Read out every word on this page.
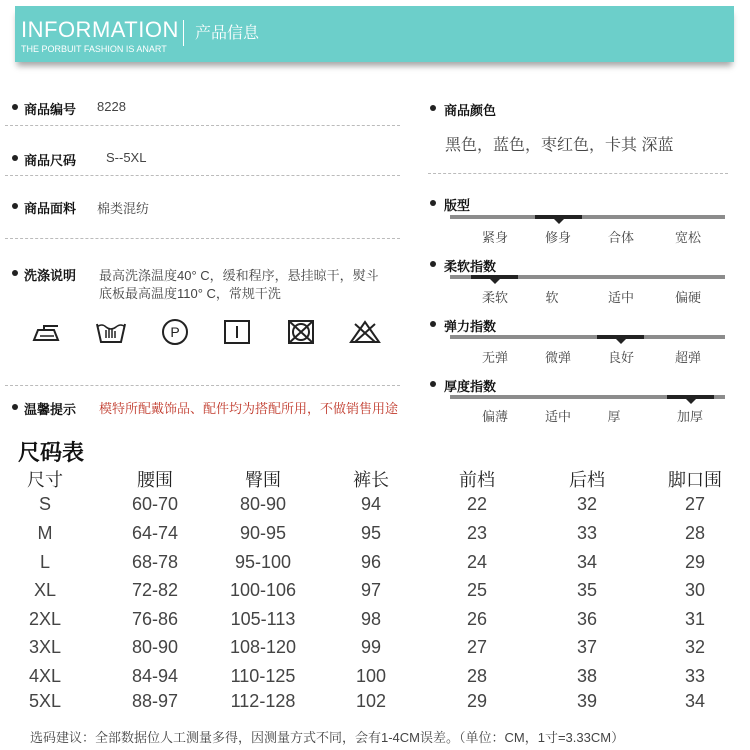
INFORMATION 产品信息
THE PORBUIT FASHION IS ANART
商品编号 8228
商品尺码 S--5XL
商品面料 棉类混纺
洗涤说明 最高洗涤温度40° C，缓和程序，悬挂晾干，熨斗
底板最高温度110° C，常规干洗
P
温馨提示 模特所配戴饰品、配件均为搭配所用，不做销售用途
商品颜色
黑色，蓝色，枣红色，卡其 深蓝
版型
紧身	修身	合体	宽松
柔软指数
柔软	软	适中	偏硬
弹力指数
无弹	微弹	良好	超弹
厚度指数
偏薄	适中	厚	加厚
尺码表
尺寸	腰围	臀围	裤长	前档	后档	脚口围
S	60-70	80-90	94	22	32	27
M	64-74	90-95	95	23	33	28
L	68-78	95-100	96	24	34	29
XL	72-82	100-106	97	25	35	30
2XL	76-86	105-113	98	26	36	31
3XL	80-90	108-120	99	27	37	32
4XL	84-94	110-125	100	28	38	33
5XL	88-97	112-128	102	29	39	34
选码建议：全部数据位人工测量多得，因测量方式不同，会有1-4CM误差。（单位：CM，1寸=3.33CM）
